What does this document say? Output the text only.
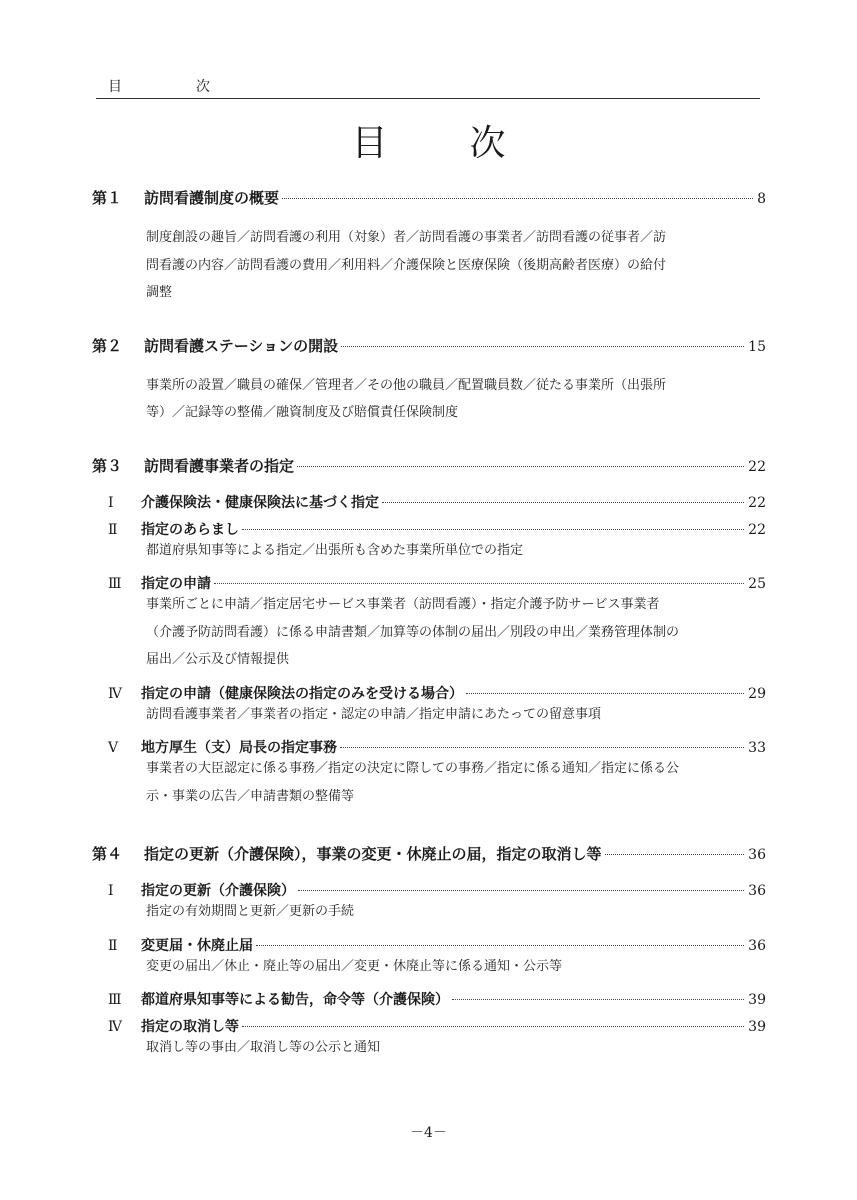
目　次
目次
第１	訪問看護制度の概要	8
制度創設の趣旨／訪問看護の利用（対象）者／訪問看護の事業者／訪問看護の従事者／訪
問看護の内容／訪問看護の費用／利用料／介護保険と医療保険（後期高齢者医療）の給付
調整
第２	訪問看護ステーションの開設	15
事業所の設置／職員の確保／管理者／その他の職員／配置職員数／従たる事業所（出張所
等）／記録等の整備／融資制度及び賠償責任保険制度
第３	訪問看護事業者の指定	22
Ⅰ	介護保険法・健康保険法に基づく指定	22
Ⅱ	指定のあらまし	22
都道府県知事等による指定／出張所も含めた事業所単位での指定
Ⅲ	指定の申請	25
事業所ごとに申請／指定居宅サービス事業者（訪問看護）・指定介護予防サービス事業者
（介護予防訪問看護）に係る申請書類／加算等の体制の届出／別段の申出／業務管理体制の
届出／公示及び情報提供
Ⅳ	指定の申請（健康保険法の指定のみを受ける場合）	29
訪問看護事業者／事業者の指定・認定の申請／指定申請にあたっての留意事項
Ⅴ	地方厚生（支）局長の指定事務	33
事業者の大臣認定に係る事務／指定の決定に際しての事務／指定に係る通知／指定に係る公
示・事業の広告／申請書類の整備等
第４	指定の更新（介護保険），事業の変更・休廃止の届，指定の取消し等	36
Ⅰ	指定の更新（介護保険）	36
指定の有効期間と更新／更新の手続
Ⅱ	変更届・休廃止届	36
変更の届出／休止・廃止等の届出／変更・休廃止等に係る通知・公示等
Ⅲ	都道府県知事等による勧告，命令等（介護保険）	39
Ⅳ	指定の取消し等	39
取消し等の事由／取消し等の公示と通知
－4－
